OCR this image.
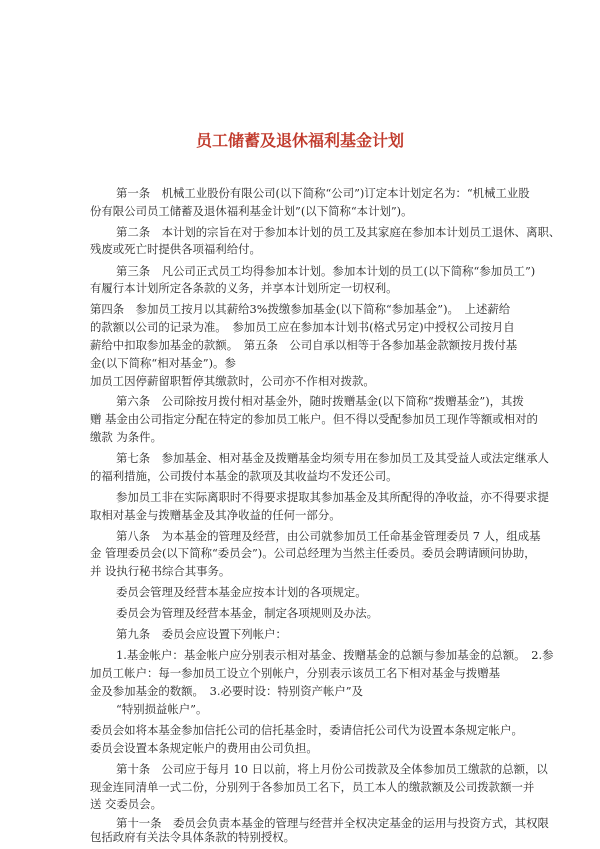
员工储蓄及退休福利基金计划
第一条　机械工业股份有限公司(以下简称“公司”)订定本计划定名为：“机械工业股
份有限公司员工储蓄及退休福利基金计划”(以下简称“本计划”)。
第二条　本计划的宗旨在对于参加本计划的员工及其家庭在参加本计划员工退休、离职、
残废或死亡时提供各项福利给付。
第三条　凡公司正式员工均得参加本计划。参加本计划的员工(以下简称“参加员工”)
有履行本计划所定各条款的义务，并享本计划所定一切权利。
第四条　参加员工按月以其薪给3%拨缴参加基金(以下简称“参加基金”)。　上述薪给
的款额以公司的记录为准。　参加员工应在参加本计划书(格式另定)中授权公司按月自
薪给中扣取参加基金的款额。　第五条　公司自承以相等于各参加基金款额按月拨付基
金(以下简称“相对基金”)。参
加员工因停薪留职暂停其缴款时，公司亦不作相对拨款。
第六条　公司除按月拨付相对基金外，随时拨赠基金(以下简称“拨赠基金”)，其拨
赠 基金由公司指定分配在特定的参加员工帐户。但不得以受配参加员工现作等额或相对的
缴款 为条件。
第七条　参加基金、相对基金及拨赠基金均须专用在参加员工及其受益人或法定继承人
的福利措施，公司拨付本基金的款项及其收益均不发还公司。
参加员工非在实际离职时不得要求提取其参加基金及其所配得的净收益，亦不得要求提
取相对基金与拨赠基金及其净收益的任何一部分。
第八条　为本基金的管理及经营，由公司就参加员工任命基金管理委员 7 人，组成基
金 管理委员会(以下简称“委员会”)。公司总经理为当然主任委员。委员会聘请顾问协助，
并 设执行秘书综合其事务。
委员会管理及经营本基金应按本计划的各项规定。
委员会为管理及经营本基金，制定各项规则及办法。
第九条　委员会应设置下列帐户：
1.基金帐户：基金帐户应分别表示相对基金、拨赠基金的总额与参加基金的总额。　2.参
加员工帐户：每一参加员工设立个别帐户，分别表示该员工名下相对基金与拨赠基
金及参加基金的数额。　3.必要时设：特别资产帐户”及
“特别损益帐户”。
委员会如将本基金参加信托公司的信托基金时，委请信托公司代为设置本条规定帐户。
委员会设置本条规定帐户的费用由公司负担。
第十条　公司应于每月 10 日以前，将上月份公司拨款及全体参加员工缴款的总额，以
现金连同清单一式二份，分别列于各参加员工名下，员工本人的缴款额及公司拨款额一并
送 交委员会。
第十一条　委员会负责本基金的管理与经营并全权决定基金的运用与投资方式，其权限
包括政府有关法令具体条款的特别授权。
